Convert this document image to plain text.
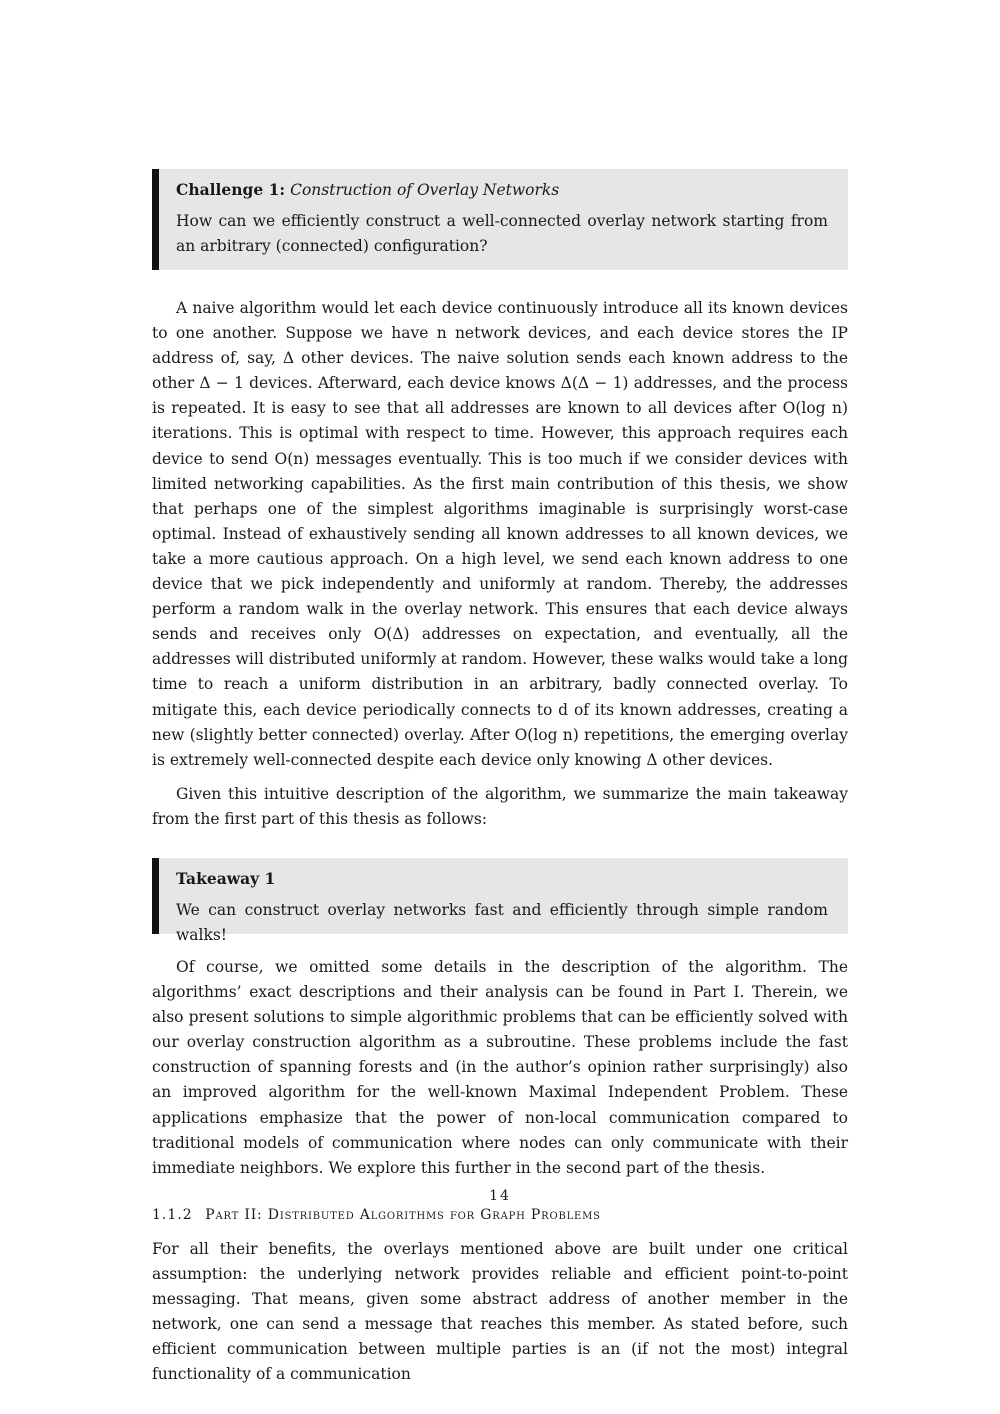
Challenge 1: Construction of Overlay Networks
How can we efficiently construct a well-connected overlay network starting from an arbitrary (connected) configuration?

A naive algorithm would let each device continuously introduce all its known devices to one another. Suppose we have n network devices, and each device stores the IP address of, say, Δ other devices. The naive solution sends each known address to the other Δ − 1 devices. Afterward, each device knows Δ(Δ − 1) addresses, and the process is repeated. It is easy to see that all addresses are known to all devices after O(log n) iterations. This is optimal with respect to time. However, this approach requires each device to send O(n) messages eventually. This is too much if we consider devices with limited networking capabilities. As the first main contribution of this thesis, we show that perhaps one of the simplest algorithms imaginable is surprisingly worst-case optimal. Instead of exhaustively sending all known addresses to all known devices, we take a more cautious approach. On a high level, we send each known address to one device that we pick independently and uniformly at random. Thereby, the addresses perform a random walk in the overlay network. This ensures that each device always sends and receives only O(Δ) addresses on expectation, and eventually, all the addresses will distributed uniformly at random. However, these walks would take a long time to reach a uniform distribution in an arbitrary, badly connected overlay. To mitigate this, each device periodically connects to d of its known addresses, creating a new (slightly better connected) overlay. After O(log n) repetitions, the emerging overlay is extremely well-connected despite each device only knowing Δ other devices.

Given this intuitive description of the algorithm, we summarize the main takeaway from the first part of this thesis as follows:

Takeaway 1
We can construct overlay networks fast and efficiently through simple random walks!

Of course, we omitted some details in the description of the algorithm. The algorithms’ exact descriptions and their analysis can be found in Part I. Therein, we also present solutions to simple algorithmic problems that can be efficiently solved with our overlay construction algorithm as a subroutine. These problems include the fast construction of spanning forests and (in the author’s opinion rather surprisingly) also an improved algorithm for the well-known Maximal Independent Problem. These applications emphasize that the power of non-local communication compared to traditional models of communication where nodes can only communicate with their immediate neighbors. We explore this further in the second part of the thesis.

1.1.2 Part II: Distributed Algorithms for Graph Problems

For all their benefits, the overlays mentioned above are built under one critical assumption: the underlying network provides reliable and efficient point-to-point messaging. That means, given some abstract address of another member in the network, one can send a message that reaches this member. As stated before, such efficient communication between multiple parties is an (if not the most) integral functionality of a communication

14
